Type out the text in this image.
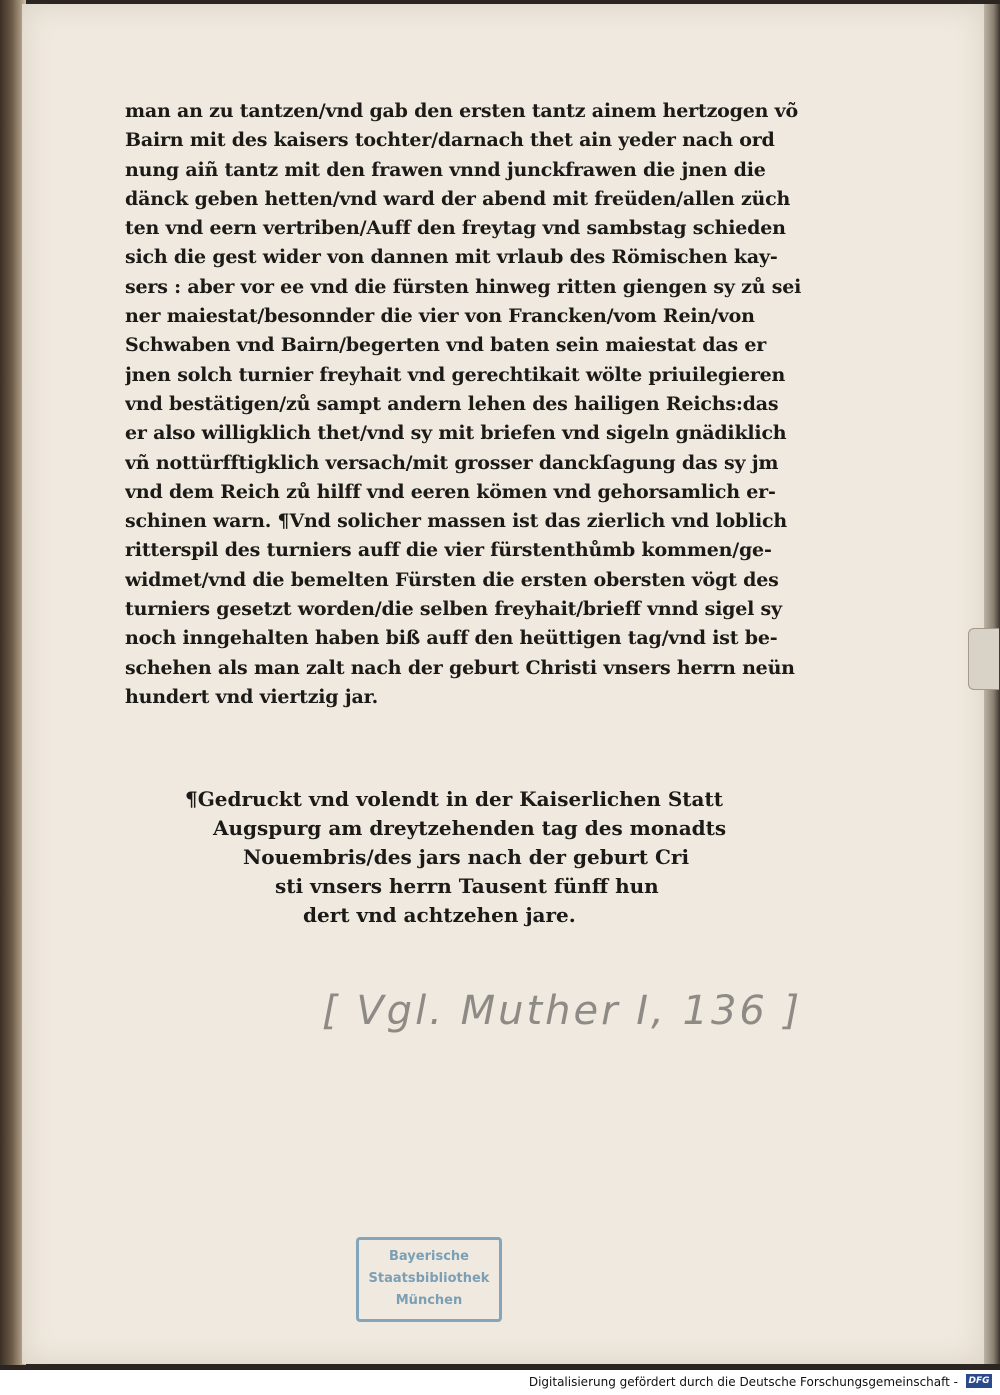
man an zu tantzen/vnd gab den ersten tantz ainem hertzogen võ
Bairn mit des kaisers tochter/darnach thet ain yeder nach ord
nung aiñ tantz mit den frawen vnnd junckfrawen die jnen die
dänck geben hetten/vnd ward der abend mit freüden/allen züch
ten vnd eern vertriben/Auff den freytag vnd sambstag schieden
sich die gest wider von dannen mit vrlaub des Römischen kay-
sers : aber vor ee vnd die fürsten hinweg ritten giengen sy zů sei
ner maiestat/besonnder die vier von Francken/vom Rein/von
Schwaben vnd Bairn/begerten vnd baten sein maiestat das er
jnen solch turnier freyhait vnd gerechtikait wölte priuilegieren
vnd bestätigen/zů sampt andern lehen des hailigen Reichs:das
er also willigklich thet/vnd sy mit briefen vnd sigeln gnädiklich
vñ nottürfftigklich versach/mit grosser danckſagung das sy jm
vnd dem Reich zů hilff vnd eeren kömen vnd gehorsamlich er-
schinen warn. ¶Vnd solicher massen ist das zierlich vnd loblich
ritterspil des turniers auff die vier fürstenthůmb kommen/ge-
widmet/vnd die bemelten Fürsten die ersten obersten vögt des
turniers gesetzt worden/die selben freyhait/brieff vnnd sigel sy
noch inngehalten haben biß auff den heüttigen tag/vnd ist be-
schehen als man zalt nach der geburt Christi vnsers herrn neün
hundert vnd viertzig jar.
¶Gedruckt vnd volendt in der Kaiserlichen Statt
Augspurg am dreytzehenden tag des monadts
Nouembris/des jars nach der geburt Cri
sti vnsers herrn Tausent fünff hun
dert vnd achtzehen jare.
[ Vgl. Muther I, 136 ]
Bayerische
Staatsbibliothek
München
Digitalisierung gefördert durch die Deutsche Forschungsgemeinschaft - DFG
